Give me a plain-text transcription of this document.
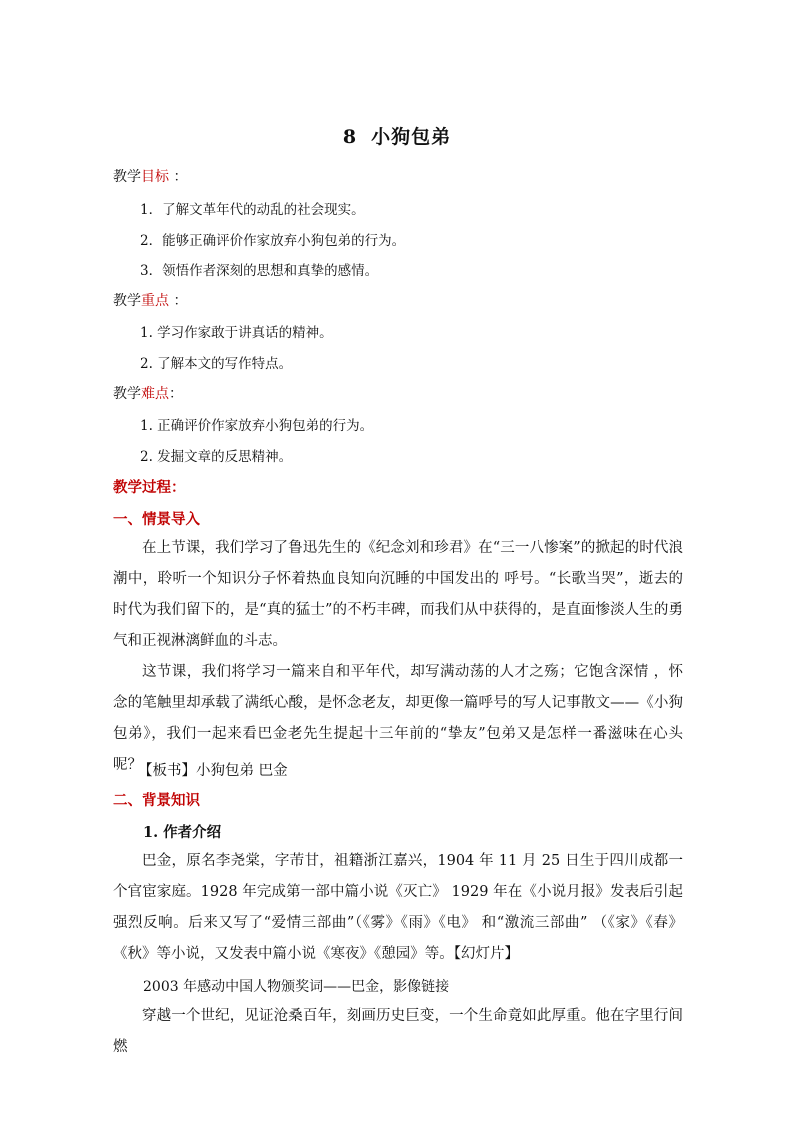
8 小狗包弟
教学目标 ：
1．了解文革年代的动乱的社会现实。
2．能够正确评价作家放弃小狗包弟的行为。
3．领悟作者深刻的思想和真挚的感情。
教学重点 ：
1. 学习作家敢于讲真话的精神。
2. 了解本文的写作特点。
教学难点：
1. 正确评价作家放弃小狗包弟的行为。
2. 发掘文章的反思精神。
教学过程：
一、情景导入
在上节课，我们学习了鲁迅先生的《纪念刘和珍君》在“三一八惨案”的掀起的时代浪潮中，聆听一个知识分子怀着热血良知向沉睡的中国发出的 呼号。“长歌当哭”，逝去的时代为我们留下的，是“真的猛士”的不朽丰碑，而我们从中获得的，是直面惨淡人生的勇气和正视淋漓鲜血的斗志。
这节课，我们将学习一篇来自和平年代，却写满动荡的人才之殇；它饱含深情 ，怀念的笔触里却承载了满纸心酸，是怀念老友，却更像一篇呼号的写人记事散文——《小狗包弟》，我们一起来看巴金老先生提起十三年前的“挚友”包弟又是怎样一番滋味在心头呢？
【板书】小狗包弟 巴金
二、背景知识
1. 作者介绍
巴金，原名李尧棠，字芾甘，祖籍浙江嘉兴，1904 年 11 月 25 日生于四川成都一个官宦家庭。1928 年完成第一部中篇小说《灭亡》 1929 年在《小说月报》发表后引起强烈反响。后来又写了“爱情三部曲”（《雾》《雨》《电》 和“激流三部曲” （《家》《春》《秋》等小说，又发表中篇小说《寒夜》《憩园》等。【幻灯片】
2003 年感动中国人物颁奖词——巴金，影像链接
穿越一个世纪，见证沧桑百年，刻画历史巨变，一个生命竟如此厚重。他在字里行间燃
